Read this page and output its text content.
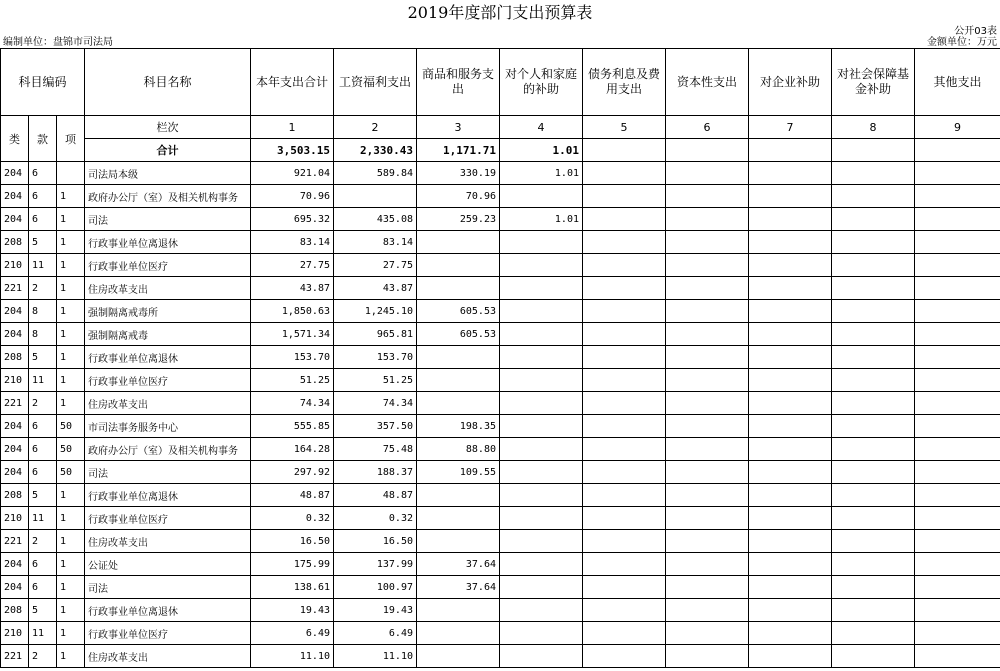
2019年度部门支出预算表
公开03表
编制单位：盘锦市司法局	金额单位：万元
科目编码			科目名称	本年支出合计	工资福利支出	商品和服务支出	对个人和家庭的补助	债务利息及费用支出	资本性支出	对企业补助	对社会保障基金补助	其他支出
类	款	项	栏次	1	2	3	4	5	6	7	8	9
			合计	3,503.15	2,330.43	1,171.71	1.01					
204	6		司法局本级	921.04	589.84	330.19	1.01					
204	6	1	政府办公厅（室）及相关机构事务	70.96		70.96						
204	6	1	司法	695.32	435.08	259.23	1.01					
208	5	1	行政事业单位离退休	83.14	83.14							
210	11	1	行政事业单位医疗	27.75	27.75							
221	2	1	住房改革支出	43.87	43.87							
204	8	1	强制隔离戒毒所	1,850.63	1,245.10	605.53						
204	8	1	强制隔离戒毒	1,571.34	965.81	605.53						
208	5	1	行政事业单位离退休	153.70	153.70							
210	11	1	行政事业单位医疗	51.25	51.25							
221	2	1	住房改革支出	74.34	74.34							
204	6	50	市司法事务服务中心	555.85	357.50	198.35						
204	6	50	政府办公厅（室）及相关机构事务	164.28	75.48	88.80						
204	6	50	司法	297.92	188.37	109.55						
208	5	1	行政事业单位离退休	48.87	48.87							
210	11	1	行政事业单位医疗	0.32	0.32							
221	2	1	住房改革支出	16.50	16.50							
204	6	1	公证处	175.99	137.99	37.64						
204	6	1	司法	138.61	100.97	37.64						
208	5	1	行政事业单位离退休	19.43	19.43							
210	11	1	行政事业单位医疗	6.49	6.49							
221	2	1	住房改革支出	11.10	11.10							
